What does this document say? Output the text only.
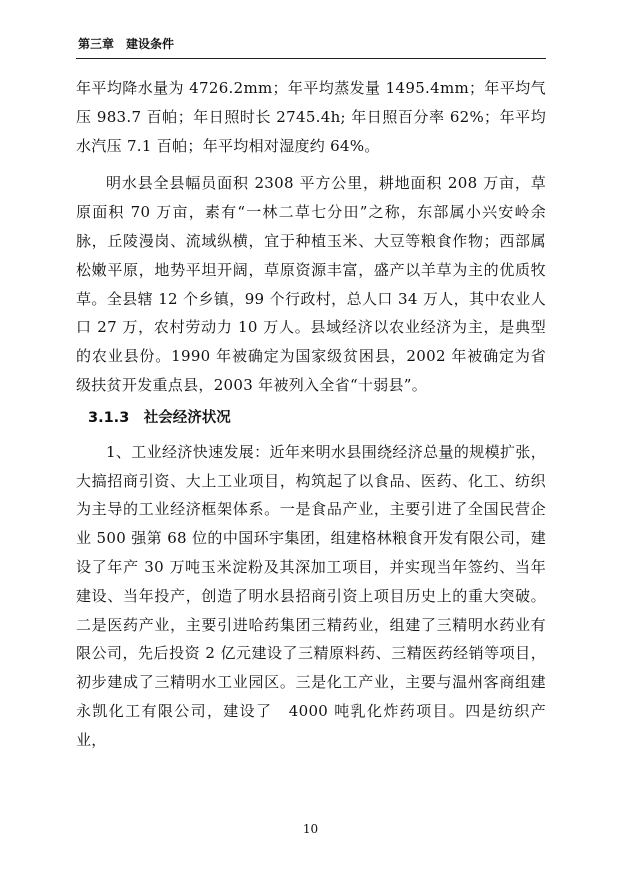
第三章　建设条件

年平均降水量为 4726.2mm；年平均蒸发量 1495.4mm；年平均气压 983.7 百帕；年日照时长 2745.4h; 年日照百分率 62%；年平均水汽压 7.1 百帕；年平均相对湿度约 64%。

明水县全县幅员面积 2308 平方公里，耕地面积 208 万亩，草原面积 70 万亩，素有“一林二草七分田”之称，东部属小兴安岭余脉，丘陵漫岗、流域纵横，宜于种植玉米、大豆等粮食作物；西部属松嫩平原，地势平坦开阔，草原资源丰富，盛产以羊草为主的优质牧草。全县辖 12 个乡镇，99 个行政村，总人口 34 万人，其中农业人口 27 万，农村劳动力 10 万人。县域经济以农业经济为主，是典型的农业县份。1990 年被确定为国家级贫困县，2002 年被确定为省级扶贫开发重点县，2003 年被列入全省“十弱县”。

3.1.3　社会经济状况

1、工业经济快速发展：近年来明水县围绕经济总量的规模扩张，大搞招商引资、大上工业项目，构筑起了以食品、医药、化工、纺织为主导的工业经济框架体系。一是食品产业，主要引进了全国民营企业 500 强第 68 位的中国环宇集团，组建格林粮食开发有限公司，建设了年产 30 万吨玉米淀粉及其深加工项目，并实现当年签约、当年建设、当年投产，创造了明水县招商引资上项目历史上的重大突破。二是医药产业，主要引进哈药集团三精药业，组建了三精明水药业有限公司，先后投资 2 亿元建设了三精原料药、三精医药经销等项目，初步建成了三精明水工业园区。三是化工产业，主要与温州客商组建永凯化工有限公司，建设了　4000 吨乳化炸药项目。四是纺织产业，

10
